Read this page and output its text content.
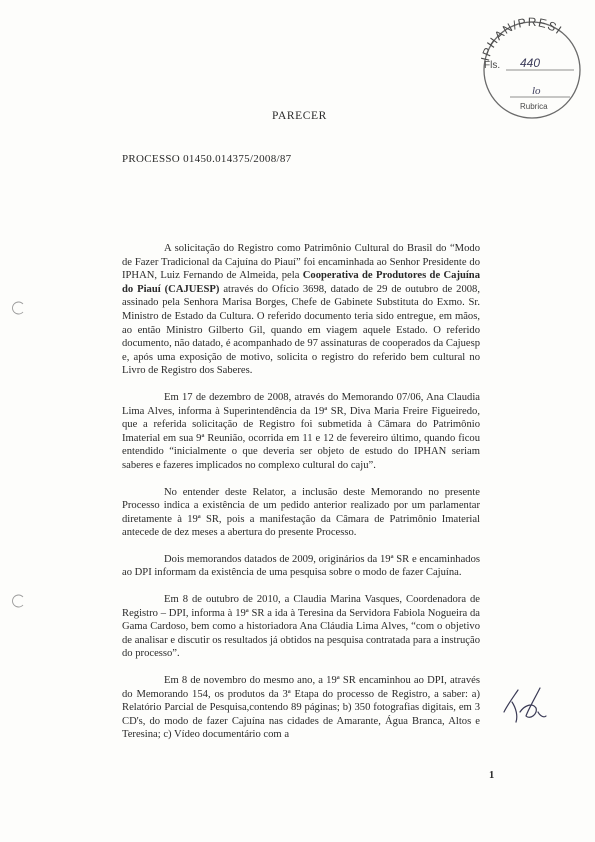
IPHAN/PRESI
Fls. 440
lo
Rubrica
PARECER
PROCESSO 01450.014375/2008/87

A solicitação do Registro como Patrimônio Cultural do Brasil do “Modo de Fazer Tradicional da Cajuína do Piauí” foi encaminhada ao Senhor Presidente do IPHAN, Luiz Fernando de Almeida, pela Cooperativa de Produtores de Cajuína do Piauí (CAJUESP) através do Ofício 3698, datado de 29 de outubro de 2008, assinado pela Senhora Marisa Borges, Chefe de Gabinete Substituta do Exmo. Sr. Ministro de Estado da Cultura. O referido documento teria sido entregue, em mãos, ao então Ministro Gilberto Gil, quando em viagem aquele Estado. O referido documento, não datado, é acompanhado de 97 assinaturas de cooperados da Cajuesp e, após uma exposição de motivo, solicita o registro do referido bem cultural no Livro de Registro dos Saberes.

Em 17 de dezembro de 2008, através do Memorando 07/06, Ana Claudia Lima Alves, informa à Superintendência da 19ª SR, Diva Maria Freire Figueiredo, que a referida solicitação de Registro foi submetida à Câmara do Patrimônio Imaterial em sua 9ª Reunião, ocorrida em 11 e 12 de fevereiro último, quando ficou entendido “inicialmente o que deveria ser objeto de estudo do IPHAN seriam saberes e fazeres implicados no complexo cultural do caju”.

No entender deste Relator, a inclusão deste Memorando no presente Processo indica a existência de um pedido anterior realizado por um parlamentar diretamente à 19ª SR, pois a manifestação da Câmara de Patrimônio Imaterial antecede de dez meses a abertura do presente Processo.

Dois memorandos datados de 2009, originários da 19ª SR e encaminhados ao DPI informam da existência de uma pesquisa sobre o modo de fazer Cajuína.

Em 8 de outubro de 2010, a Claudia Marina Vasques, Coordenadora de Registro – DPI, informa à 19ª SR a ida à Teresina da Servidora Fabiola Nogueira da Gama Cardoso, bem como a historiadora Ana Cláudia Lima Alves, “com o objetivo de analisar e discutir os resultados já obtidos na pesquisa contratada para a instrução do processo”.

Em 8 de novembro do mesmo ano, a 19ª SR encaminhou ao DPI, através do Memorando 154, os produtos da 3ª Etapa do processo de Registro, a saber: a) Relatório Parcial de Pesquisa,contendo 89 páginas; b) 350 fotografias digitais, em 3 CD's, do modo de fazer Cajuína nas cidades de Amarante, Água Branca, Altos e Teresina; c) Vídeo documentário com a

1
